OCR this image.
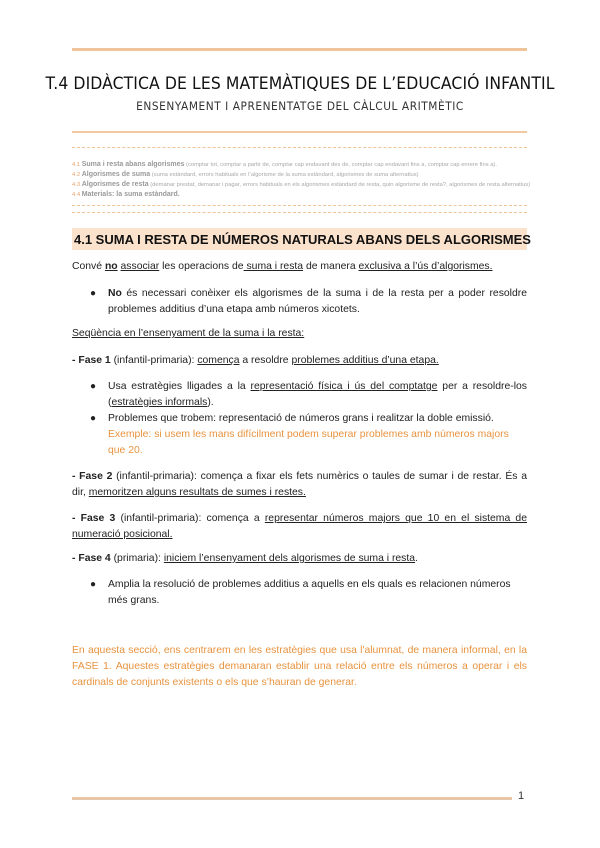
T.4 DIDÀCTICA DE LES MATEMÀTIQUES DE L’EDUCACIÓ INFANTIL
ENSENYAMENT I APRENENTATGE DEL CÀLCUL ARITMÈTIC
4.1 Suma i resta abans algorismes (comptar tot, comptar a partir de, comptar cap endavant des de, comptar cap endavant fins a, comptar cap enrere fins a).
4.2 Algorismes de suma (suma estàndard, errors habituals en l’algorisme de la suma estàndard, algorismes de suma alternatius)
4.3 Algorismes de resta (demanar prestat, demanar i pagar, errors habituals en els algorismes estàndard de resta, quin algorisme de resta?, algorismes de resta alternatius)
4.4 Materials: la suma estàndard.
4.1 SUMA I RESTA DE NÚMEROS NATURALS ABANS DELS ALGORISMES
Convé no associar les operacions de suma i resta de manera exclusiva a l’ús d’algorismes.
● No és necessari conèixer els algorismes de la suma i de la resta per a poder resoldre problemes additius d’una etapa amb números xicotets.
Seqüència en l’ensenyament de la suma i la resta:
- Fase 1 (infantil-primaria): comença a resoldre problemes additius d’una etapa.
● Usa estratègies lligades a la representació física i ús del comptatge per a resoldre-los (estratègies informals).
● Problemes que trobem: representació de números grans i realitzar la doble emissió.
Exemple: si usem les mans difícilment podem superar problemes amb números majors que 20.
- Fase 2 (infantil-primaria): comença a fixar els fets numèrics o taules de sumar i de restar. És a dir, memoritzen alguns resultats de sumes i restes.
- Fase 3 (infantil-primaria): comença a representar números majors que 10 en el sistema de numeració posicional.
- Fase 4 (primaria): iniciem l’ensenyament dels algorismes de suma i resta.
● Amplia la resolució de problemes additius a aquells en els quals es relacionen números més grans.
En aquesta secció, ens centrarem en les estratègies que usa l'alumnat, de manera informal, en la FASE 1. Aquestes estratègies demanaran establir una relació entre els números a operar i els cardinals de conjunts existents o els que s’hauran de generar.
1
